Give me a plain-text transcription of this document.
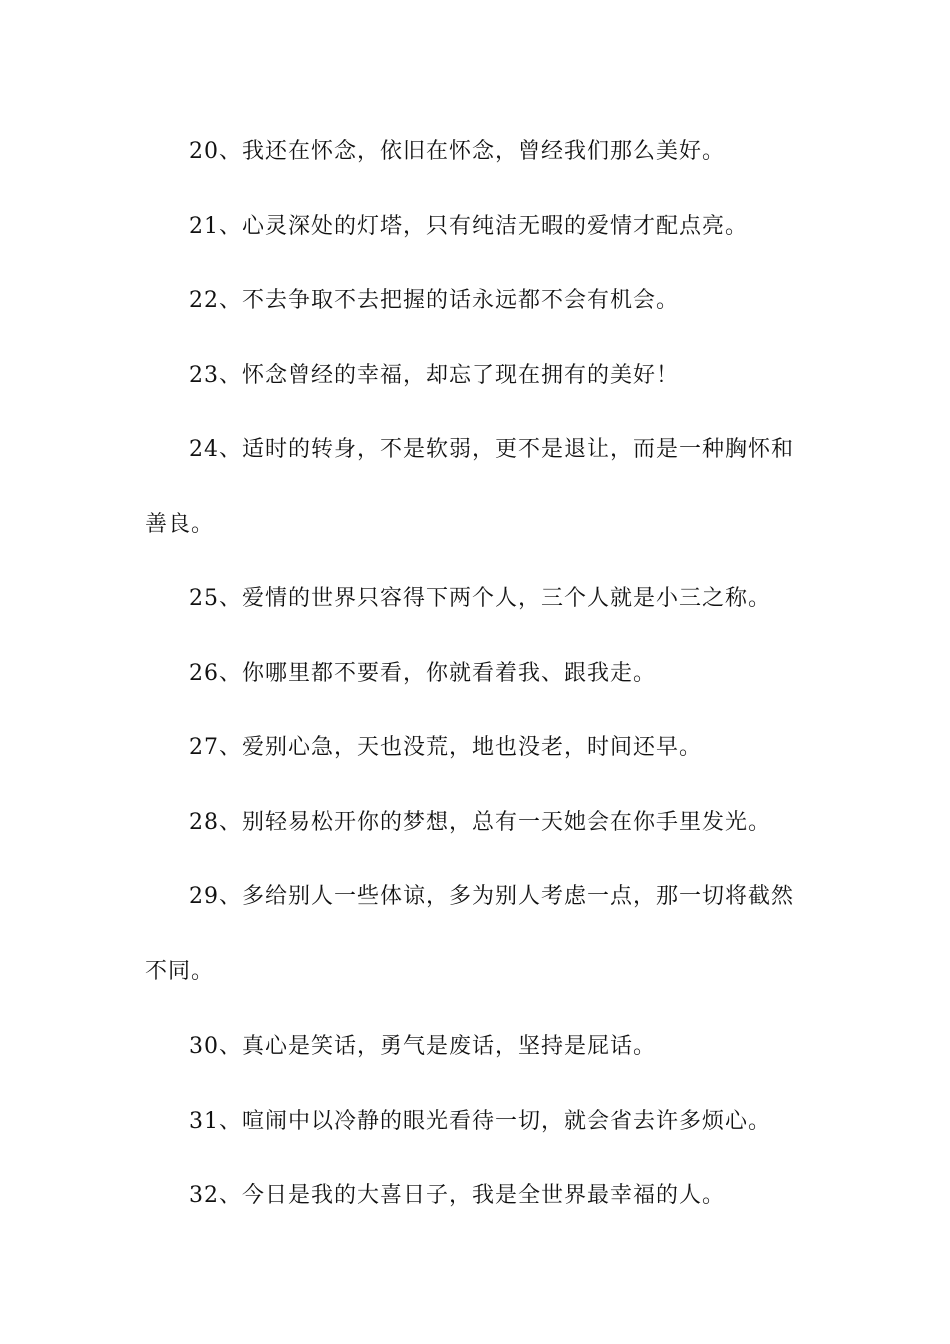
20、我还在怀念，依旧在怀念，曾经我们那么美好。

21、心灵深处的灯塔，只有纯洁无暇的爱情才配点亮。

22、不去争取不去把握的话永远都不会有机会。

23、怀念曾经的幸福，却忘了现在拥有的美好！

24、适时的转身，不是软弱，更不是退让，而是一种胸怀和善良。

25、爱情的世界只容得下两个人，三个人就是小三之称。

26、你哪里都不要看，你就看着我、跟我走。

27、爱别心急，天也没荒，地也没老，时间还早。

28、别轻易松开你的梦想，总有一天她会在你手里发光。

29、多给别人一些体谅，多为别人考虑一点，那一切将截然不同。

30、真心是笑话，勇气是废话，坚持是屁话。

31、喧闹中以冷静的眼光看待一切，就会省去许多烦心。

32、今日是我的大喜日子，我是全世界最幸福的人。
